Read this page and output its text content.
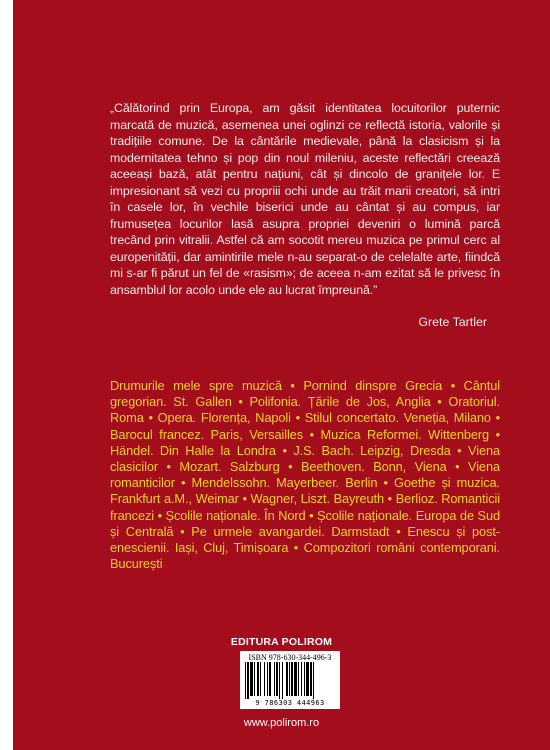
„Călătorind prin Europa, am găsit identitatea locuitorilor puternic marcată de muzică, asemenea unei oglinzi ce reflectă istoria, valorile și tradițiile comune. De la cântările medievale, până la clasicism și la modernitatea tehno și pop din noul mileniu, aceste reflectări creează aceeași bază, atât pentru națiuni, cât și dincolo de granițele lor. E impresionant să vezi cu propriii ochi unde au trăit marii creatori, să intri în casele lor, în vechile biserici unde au cântat și au compus, iar frumusețea locurilor lasă asupra propriei deveniri o lumină parcă trecând prin vitralii. Astfel că am socotit mereu muzica pe primul cerc al europenității, dar amintirile mele n-au separat-o de celelalte arte, fiindcă mi s-ar fi părut un fel de «rasism»; de aceea n-am ezitat să le privesc în ansamblul lor acolo unde ele au lucrat împreună.”

Grete Tartler

Drumurile mele spre muzică • Pornind dinspre Grecia • Cântul gregorian. St. Gallen • Polifonia. Țările de Jos, Anglia • Oratoriul. Roma • Opera. Florența, Napoli • Stilul concertato. Veneția, Milano • Barocul francez. Paris, Versailles • Muzica Reformei. Wittenberg • Händel. Din Halle la Londra • J.S. Bach. Leipzig, Dresda • Viena clasicilor • Mozart. Salzburg • Beethoven. Bonn, Viena • Viena romanticilor • Mendelssohn. Mayerbeer. Berlin • Goethe și muzica. Frankfurt a.M., Weimar • Wagner, Liszt. Bayreuth • Berlioz. Romanticii francezi • Școlile naționale. În Nord • Școlile naționale. Europa de Sud și Centrală • Pe urmele avangardei. Darmstadt • Enescu și post-enescienii. Iași, Cluj, Timișoara • Compozitori români contemporani. București

EDITURA POLIROM
ISBN 978-630-344-496-3
9 786303 444963
www.polirom.ro
